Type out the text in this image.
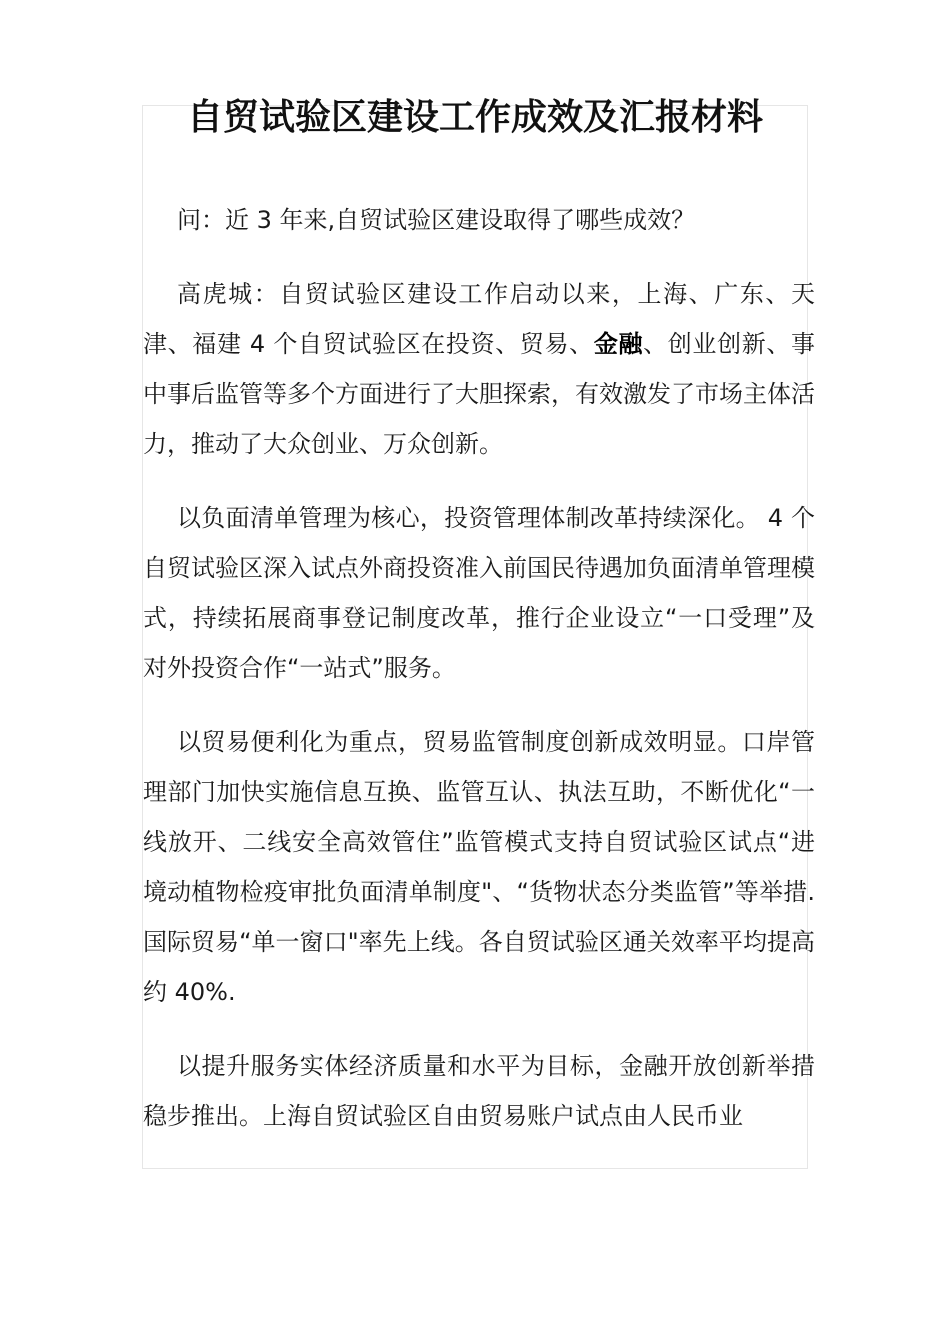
自贸试验区建设工作成效及汇报材料

问：近 3 年来,自贸试验区建设取得了哪些成效？

高虎城：自贸试验区建设工作启动以来，上海、广东、天津、福建 4 个自贸试验区在投资、贸易、金融、创业创新、事中事后监管等多个方面进行了大胆探索，有效激发了市场主体活力，推动了大众创业、万众创新。

以负面清单管理为核心，投资管理体制改革持续深化。 4 个自贸试验区深入试点外商投资准入前国民待遇加负面清单管理模式，持续拓展商事登记制度改革，推行企业设立“一口受理”及对外投资合作“一站式”服务。

以贸易便利化为重点，贸易监管制度创新成效明显。口岸管理部门加快实施信息互换、监管互认、执法互助，不断优化“一线放开、二线安全高效管住”监管模式支持自贸试验区试点“进境动植物检疫审批负面清单制度"、“货物状态分类监管”等举措.国际贸易“单一窗口"率先上线。各自贸试验区通关效率平均提高约 40%.

以提升服务实体经济质量和水平为目标，金融开放创新举措稳步推出。上海自贸试验区自由贸易账户试点由人民币业
